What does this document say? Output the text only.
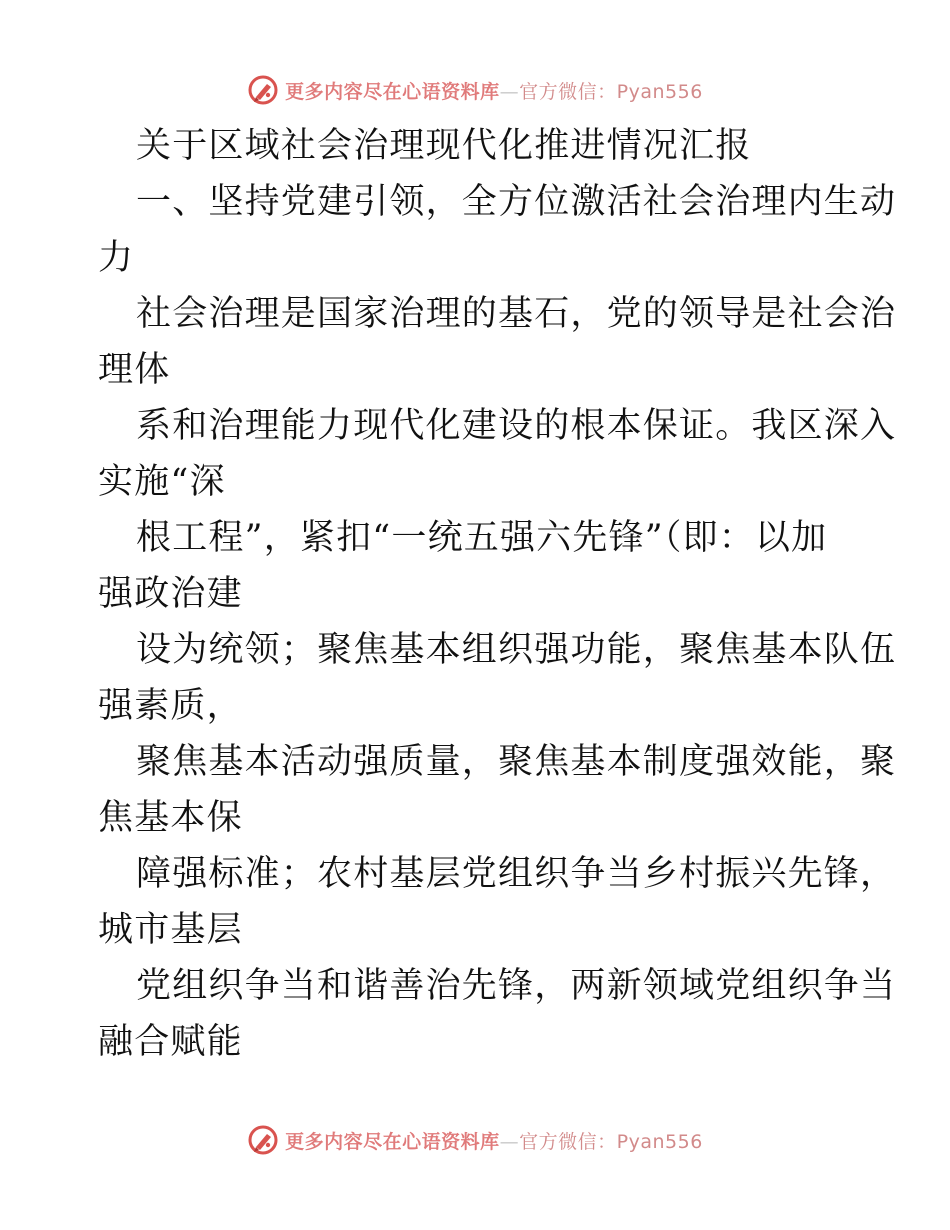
更多内容尽在心语资料库—官方微信：Pyan556
关于区域社会治理现代化推进情况汇报
一、坚持党建引领，全方位激活社会治理内生动
力
社会治理是国家治理的基石，党的领导是社会治
理体
系和治理能力现代化建设的根本保证。我区深入
实施“深
根工程”，紧扣“一统五强六先锋”（即：以加
强政治建
设为统领；聚焦基本组织强功能，聚焦基本队伍
强素质，
聚焦基本活动强质量，聚焦基本制度强效能，聚
焦基本保
障强标准；农村基层党组织争当乡村振兴先锋，
城市基层
党组织争当和谐善治先锋，两新领域党组织争当
融合赋能
更多内容尽在心语资料库—官方微信：Pyan556
